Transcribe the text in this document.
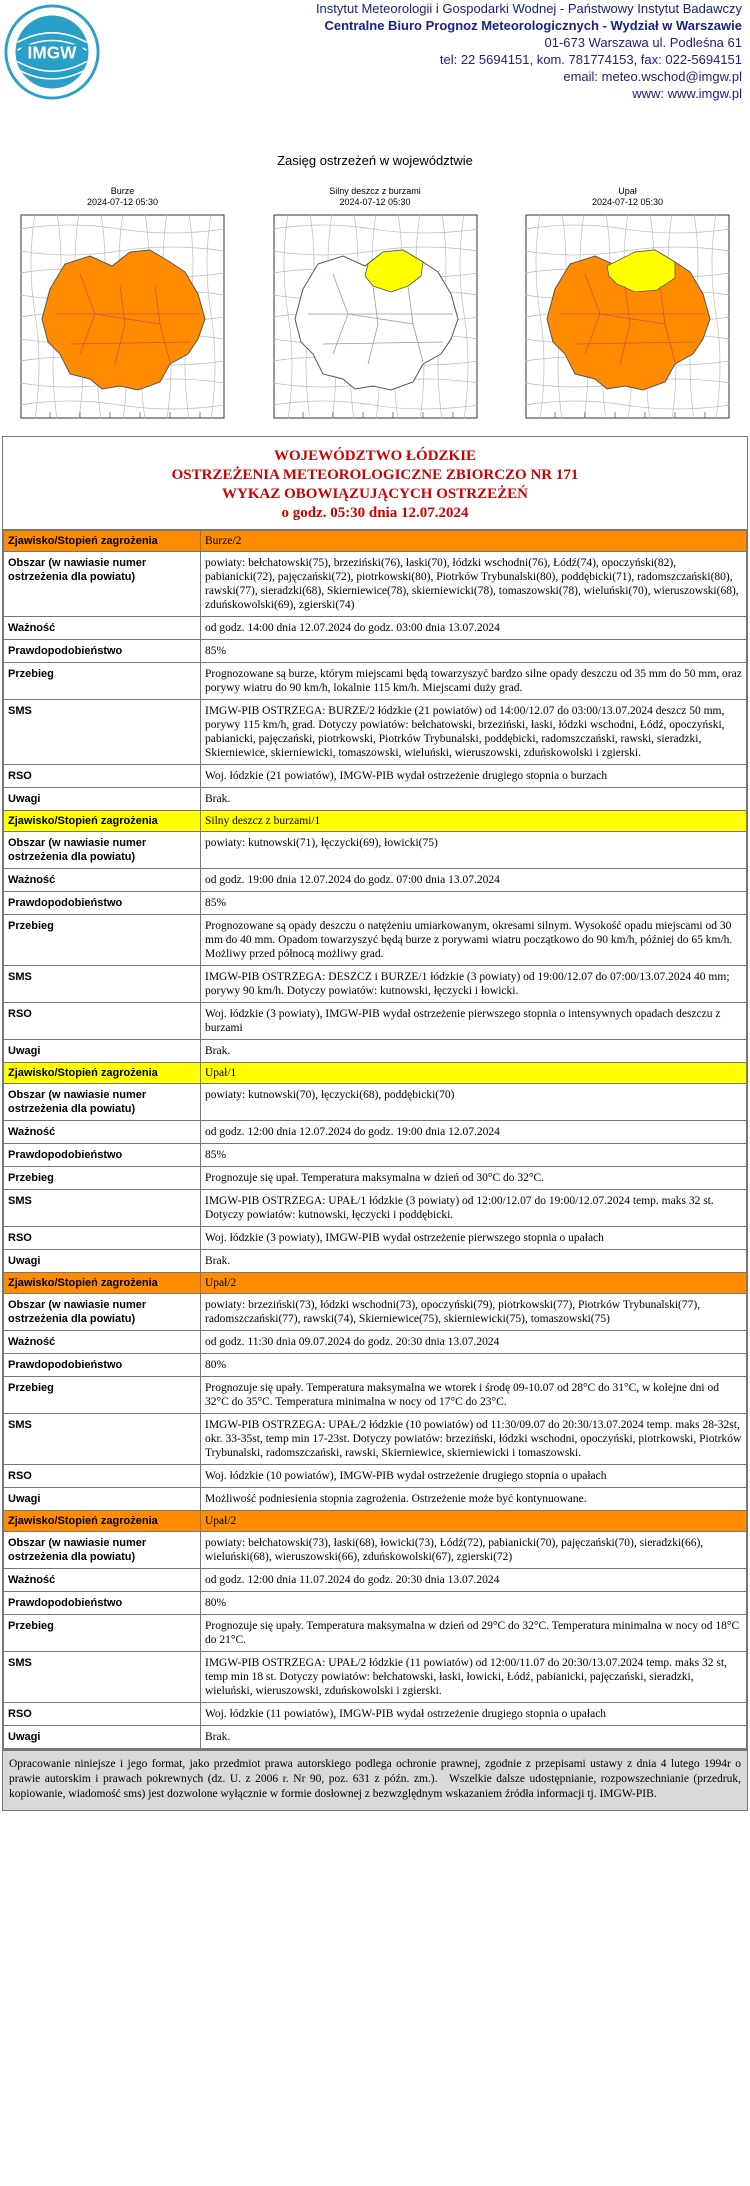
IMGW
Instytut Meteorologii i Gospodarki Wodnej - Państwowy Instytut Badawczy
Centralne Biuro Prognoz Meteorologicznych - Wydział w Warszawie
01-673 Warszawa ul. Podleśna 61
tel: 22 5694151, kom. 781774153, fax: 022-5694151
email: meteo.wschod@imgw.pl
www: www.imgw.pl
Zasięg ostrzeżeń w województwie
Burze
2024-07-12 05:30
Silny deszcz z burzami
2024-07-12 05:30
Upał
2024-07-12 05:30
WOJEWÓDZTWO ŁÓDZKIE
OSTRZEŻENIA METEOROLOGICZNE ZBIORCZO NR 171
WYKAZ OBOWIĄZUJĄCYCH OSTRZEŻEŃ
o godz. 05:30 dnia 12.07.2024
Zjawisko/Stopień zagrożenia	Burze/2
Obszar (w nawiasie numer ostrzeżenia dla powiatu)	powiaty: bełchatowski(75), brzeziński(76), łaski(70), łódzki wschodni(76), Łódź(74), opoczyński(82), pabianicki(72), pajęczański(72), piotrkowski(80), Piotrków Trybunalski(80), poddębicki(71), radomszczański(80), rawski(77), sieradzki(68), Skierniewice(78), skierniewicki(78), tomaszowski(78), wieluński(70), wieruszowski(68), zduńskowolski(69), zgierski(74)
Ważność	od godz. 14:00 dnia 12.07.2024 do godz. 03:00 dnia 13.07.2024
Prawdopodobieństwo	85%
Przebieg	Prognozowane są burze, którym miejscami będą towarzyszyć bardzo silne opady deszczu od 35 mm do 50 mm, oraz porywy wiatru do 90 km/h, lokalnie 115 km/h. Miejscami duży grad.
SMS	IMGW-PIB OSTRZEGA: BURZE/2 łódzkie (21 powiatów) od 14:00/12.07 do 03:00/13.07.2024 deszcz 50 mm, porywy 115 km/h, grad. Dotyczy powiatów: bełchatowski, brzeziński, łaski, łódzki wschodni, Łódź, opoczyński, pabianicki, pajęczański, piotrkowski, Piotrków Trybunalski, poddębicki, radomszczański, rawski, sieradzki, Skierniewice, skierniewicki, tomaszowski, wieluński, wieruszowski, zduńskowolski i zgierski.
RSO	Woj. łódzkie (21 powiatów), IMGW-PIB wydał ostrzeżenie drugiego stopnia o burzach
Uwagi	Brak.
Zjawisko/Stopień zagrożenia	Silny deszcz z burzami/1
Obszar (w nawiasie numer ostrzeżenia dla powiatu)	powiaty: kutnowski(71), łęczycki(69), łowicki(75)
Ważność	od godz. 19:00 dnia 12.07.2024 do godz. 07:00 dnia 13.07.2024
Prawdopodobieństwo	85%
Przebieg	Prognozowane są opady deszczu o natężeniu umiarkowanym, okresami silnym. Wysokość opadu miejscami od 30 mm do 40 mm. Opadom towarzyszyć będą burze z porywami wiatru początkowo do 90 km/h, później do 65 km/h. Możliwy przed północą możliwy grad.
SMS	IMGW-PIB OSTRZEGA: DESZCZ i BURZE/1 łódzkie (3 powiaty) od 19:00/12.07 do 07:00/13.07.2024 40 mm; porywy 90 km/h. Dotyczy powiatów: kutnowski, łęczycki i łowicki.
RSO	Woj. łódzkie (3 powiaty), IMGW-PIB wydał ostrzeżenie pierwszego stopnia o intensywnych opadach deszczu z burzami
Uwagi	Brak.
Zjawisko/Stopień zagrożenia	Upał/1
Obszar (w nawiasie numer ostrzeżenia dla powiatu)	powiaty: kutnowski(70), łęczycki(68), poddębicki(70)
Ważność	od godz. 12:00 dnia 12.07.2024 do godz. 19:00 dnia 12.07.2024
Prawdopodobieństwo	85%
Przebieg	Prognozuje się upał. Temperatura maksymalna w dzień od 30°C do 32°C.
SMS	IMGW-PIB OSTRZEGA: UPAŁ/1 łódzkie (3 powiaty) od 12:00/12.07 do 19:00/12.07.2024 temp. maks 32 st. Dotyczy powiatów: kutnowski, łęczycki i poddębicki.
RSO	Woj. łódzkie (3 powiaty), IMGW-PIB wydał ostrzeżenie pierwszego stopnia o upałach
Uwagi	Brak.
Zjawisko/Stopień zagrożenia	Upał/2
Obszar (w nawiasie numer ostrzeżenia dla powiatu)	powiaty: brzeziński(73), łódzki wschodni(73), opoczyński(79), piotrkowski(77), Piotrków Trybunalski(77), radomszczański(77), rawski(74), Skierniewice(75), skierniewicki(75), tomaszowski(75)
Ważność	od godz. 11:30 dnia 09.07.2024 do godz. 20:30 dnia 13.07.2024
Prawdopodobieństwo	80%
Przebieg	Prognozuje się upały. Temperatura maksymalna we wtorek i środę 09-10.07 od 28°C do 31°C, w kolejne dni od 32°C do 35°C. Temperatura minimalna w nocy od 17°C do 23°C.
SMS	IMGW-PIB OSTRZEGA: UPAŁ/2 łódzkie (10 powiatów) od 11:30/09.07 do 20:30/13.07.2024 temp. maks 28-32st, okr. 33-35st, temp min 17-23st. Dotyczy powiatów: brzeziński, łódzki wschodni, opoczyński, piotrkowski, Piotrków Trybunalski, radomszczański, rawski, Skierniewice, skierniewicki i tomaszowski.
RSO	Woj. łódzkie (10 powiatów), IMGW-PIB wydał ostrzeżenie drugiego stopnia o upałach
Uwagi	Możliwość podniesienia stopnia zagrożenia. Ostrzeżenie może być kontynuowane.
Zjawisko/Stopień zagrożenia	Upał/2
Obszar (w nawiasie numer ostrzeżenia dla powiatu)	powiaty: bełchatowski(73), łaski(68), łowicki(73), Łódź(72), pabianicki(70), pajęczański(70), sieradzki(66), wieluński(68), wieruszowski(66), zduńskowolski(67), zgierski(72)
Ważność	od godz. 12:00 dnia 11.07.2024 do godz. 20:30 dnia 13.07.2024
Prawdopodobieństwo	80%
Przebieg	Prognozuje się upały. Temperatura maksymalna w dzień od 29°C do 32°C. Temperatura minimalna w nocy od 18°C do 21°C.
SMS	IMGW-PIB OSTRZEGA: UPAŁ/2 łódzkie (11 powiatów) od 12:00/11.07 do 20:30/13.07.2024 temp. maks 32 st, temp min 18 st. Dotyczy powiatów: bełchatowski, łaski, łowicki, Łódź, pabianicki, pajęczański, sieradzki, wieluński, wieruszowski, zduńskowolski i zgierski.
RSO	Woj. łódzkie (11 powiatów), IMGW-PIB wydał ostrzeżenie drugiego stopnia o upałach
Uwagi	Brak.
Opracowanie niniejsze i jego format, jako przedmiot prawa autorskiego podlega ochronie prawnej, zgodnie z przepisami ustawy z dnia 4 lutego 1994r o prawie autorskim i prawach pokrewnych (dz. U. z 2006 r. Nr 90, poz. 631 z późn. zm.). Wszelkie dalsze udostępnianie, rozpowszechnianie (przedruk, kopiowanie, wiadomość sms) jest dozwolone wyłącznie w formie dosłownej z bezwzględnym wskazaniem źródła informacji tj. IMGW-PIB.
